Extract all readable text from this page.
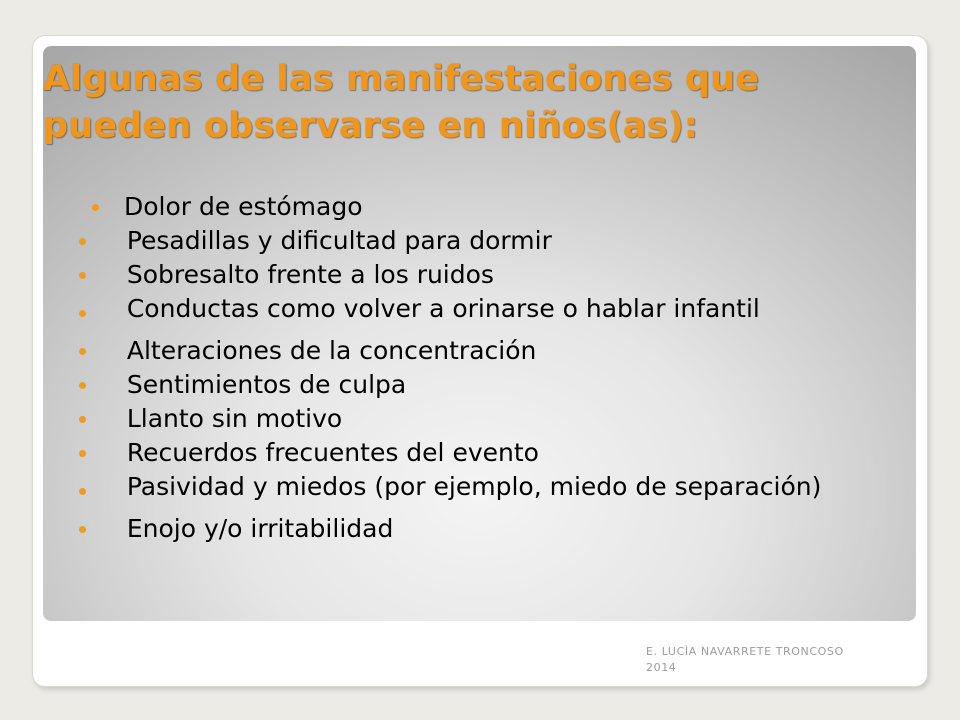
Algunas de las manifestaciones que pueden observarse en niños(as):
Dolor de estómago
Pesadillas y dificultad para dormir
Sobresalto frente a los ruidos
Conductas como volver a orinarse o hablar infantil
Alteraciones de la concentración
Sentimientos de culpa
Llanto sin motivo
Recuerdos frecuentes del evento
Pasividad y miedos (por ejemplo, miedo de separación)
Enojo y/o irritabilidad
E. LUCÌA NAVARRETE TRONCOSO 2014
